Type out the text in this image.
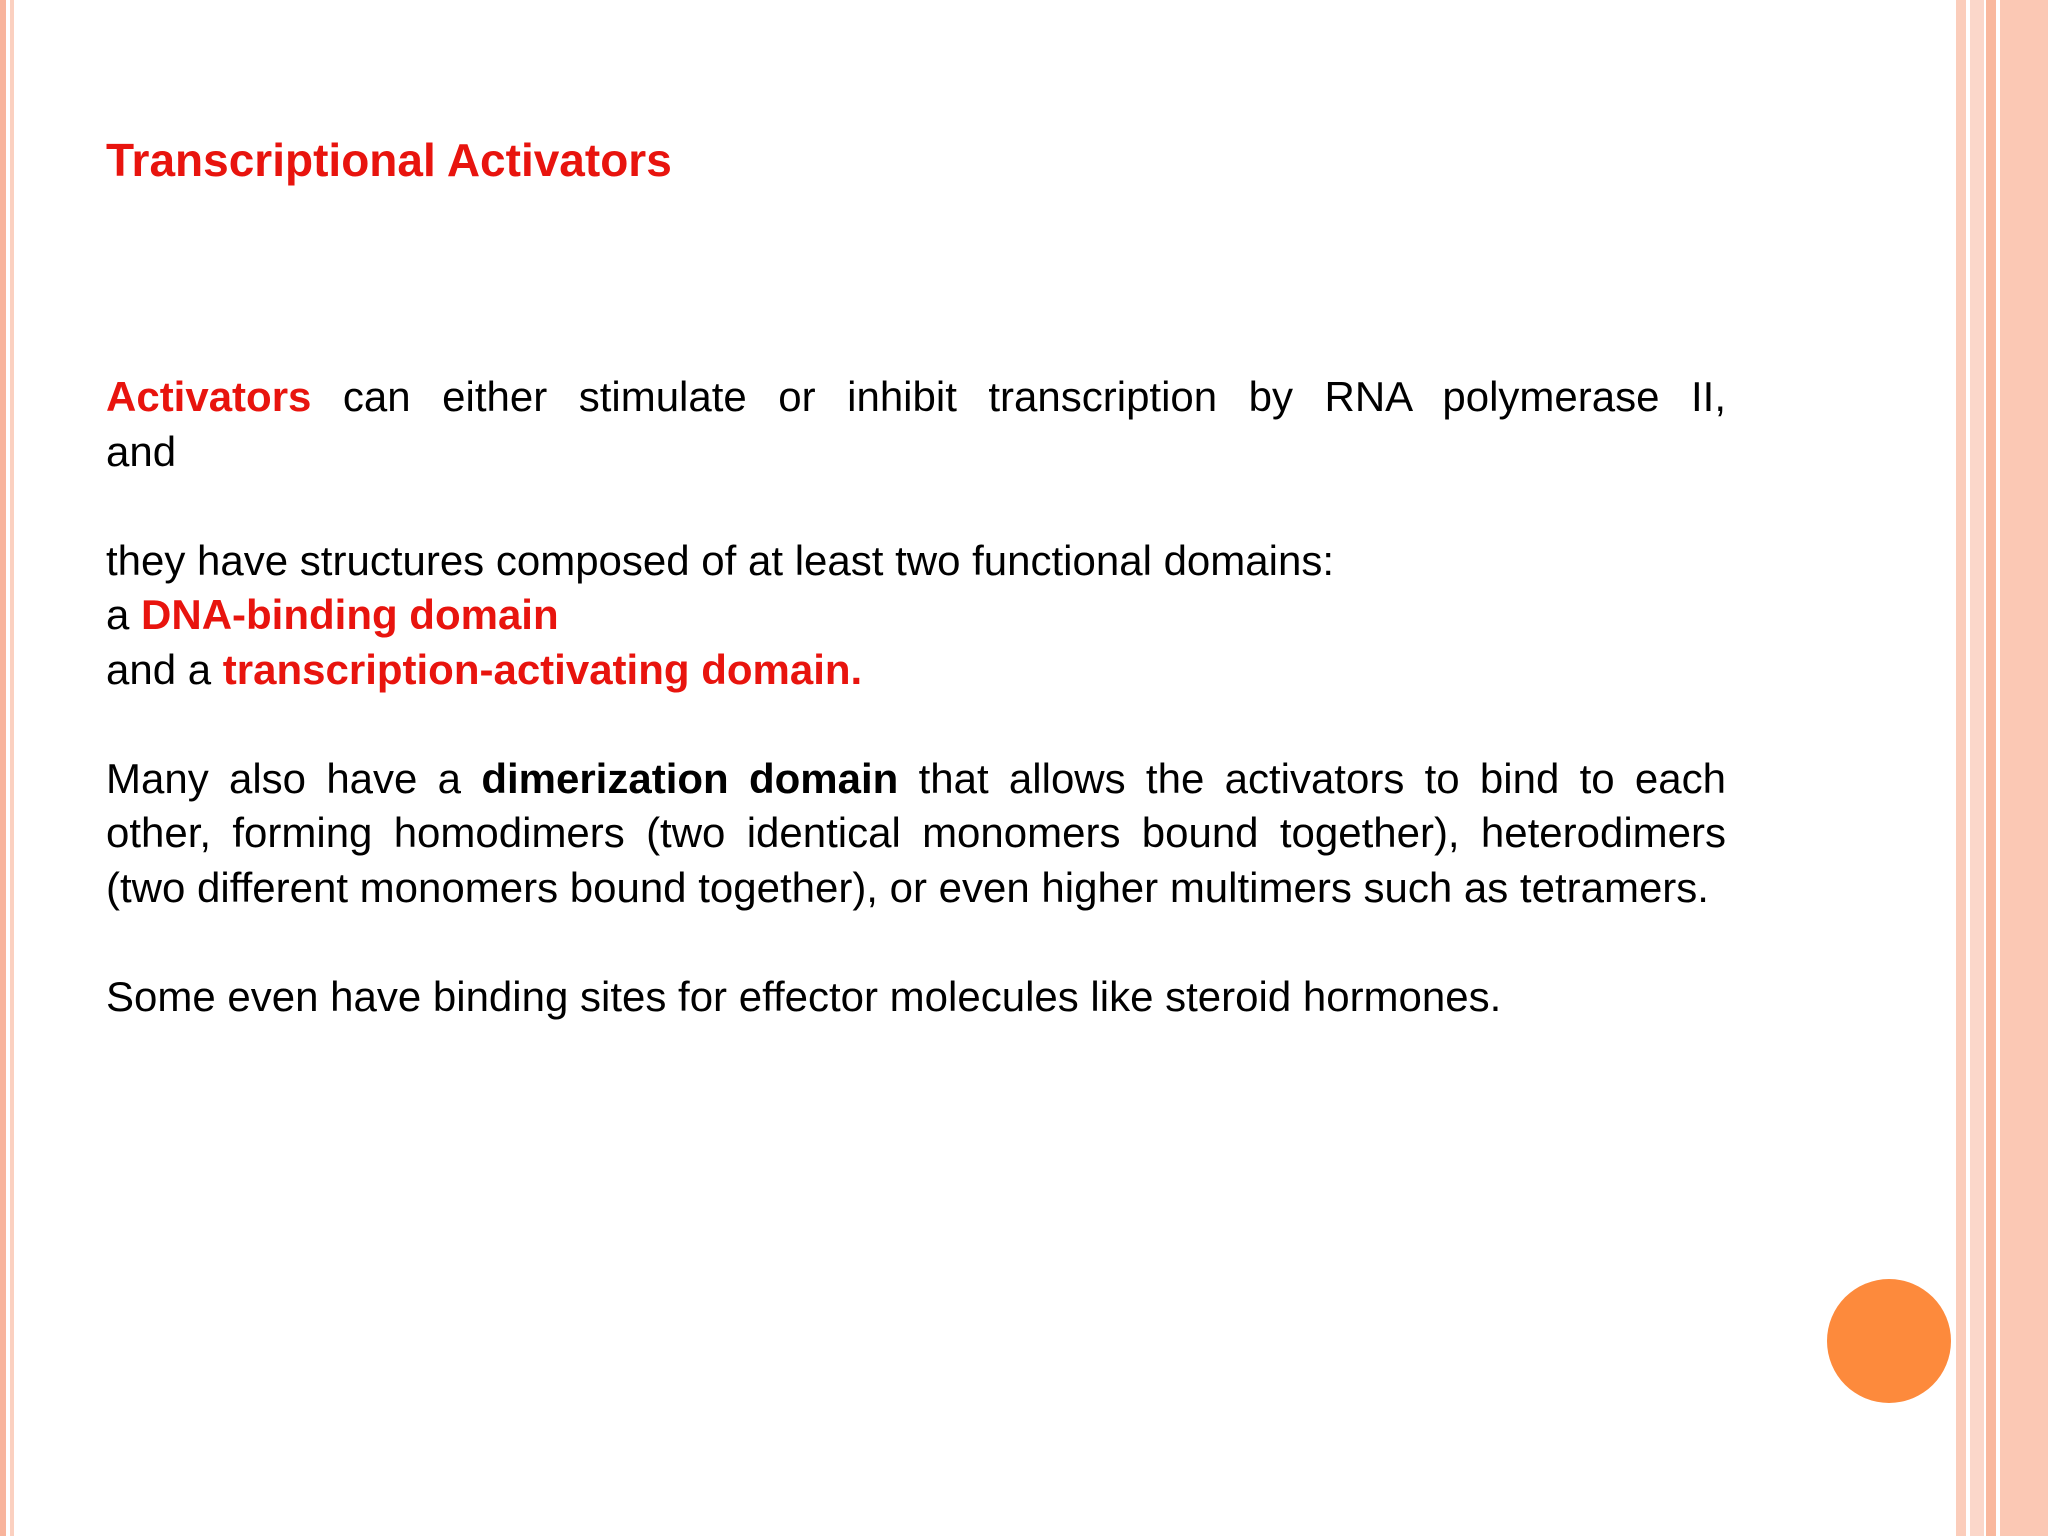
Transcriptional Activators

Activators can either stimulate or inhibit transcription by RNA polymerase II,

and

they have structures composed of at least two functional domains:

a DNA-binding domain

and a transcription-activating domain.

Many also have a dimerization domain that allows the activators to bind to each other, forming homodimers (two identical monomers bound together), heterodimers (two different monomers bound together), or even higher multimers such as tetramers.

Some even have binding sites for effector molecules like steroid hormones.
